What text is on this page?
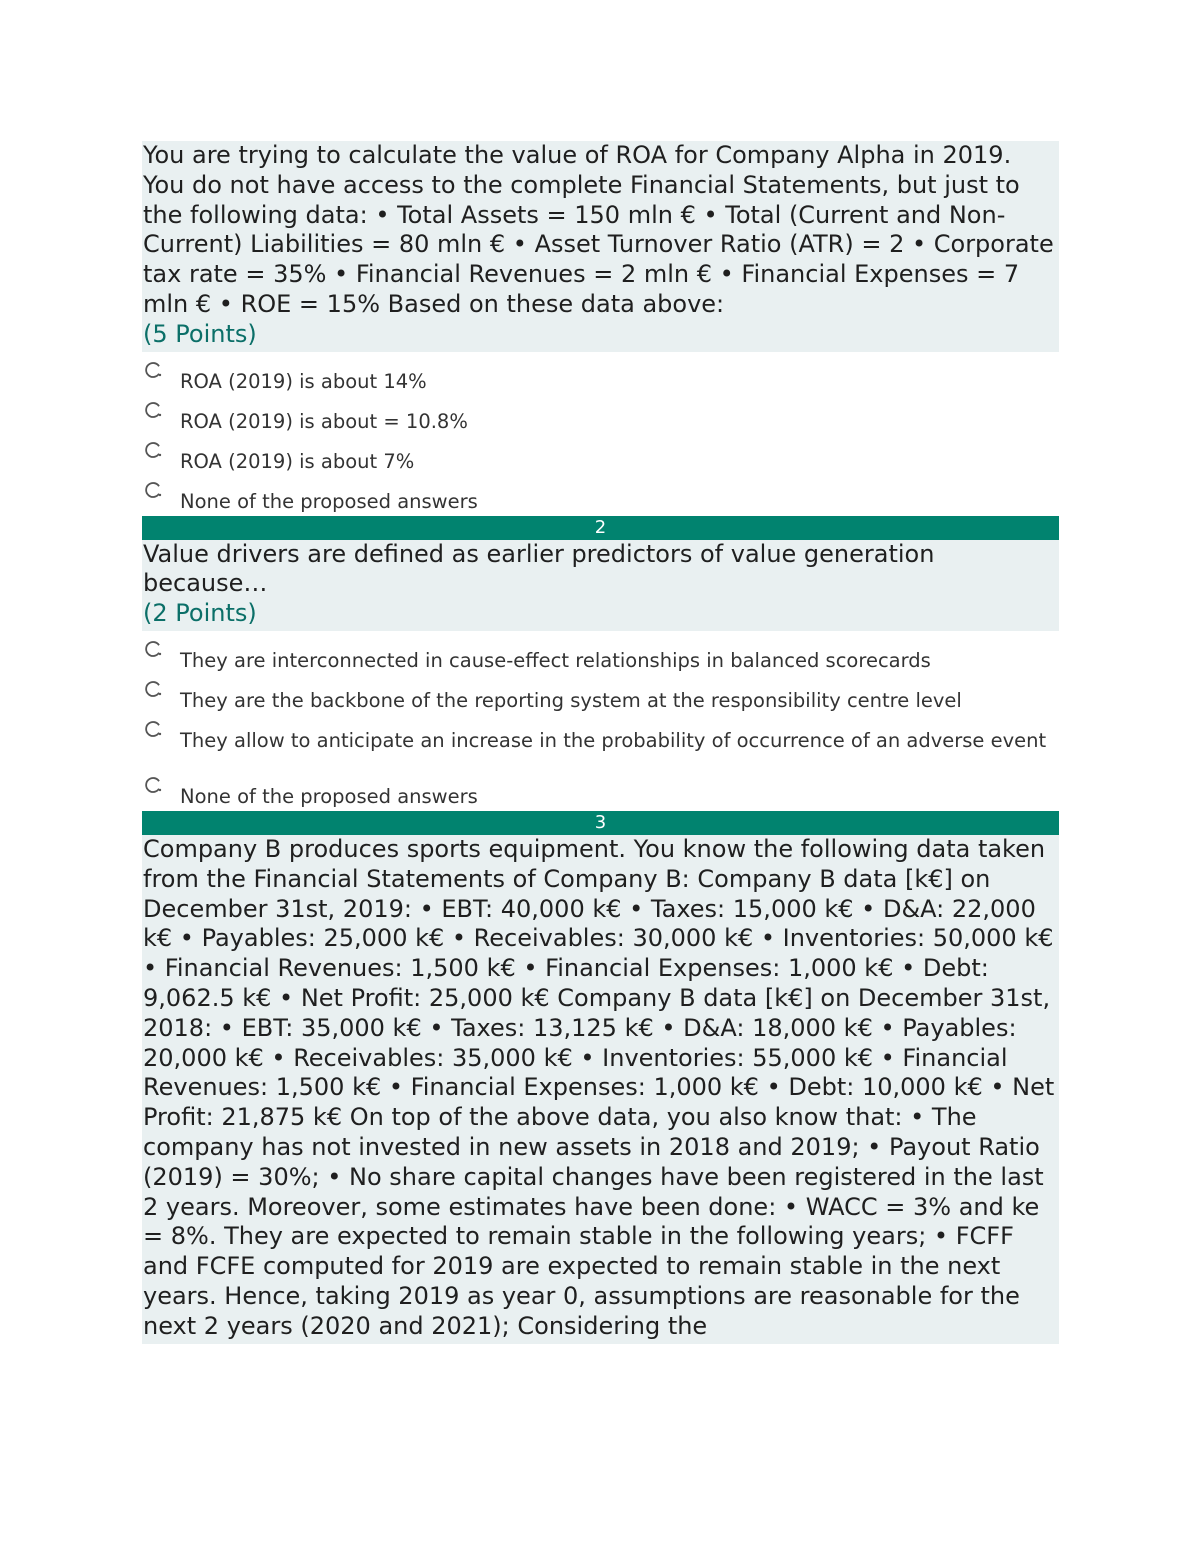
You are trying to calculate the value of ROA for Company Alpha in 2019. You do not have access to the complete Financial Statements, but just to the following data: • Total Assets = 150 mln € • Total (Current and Non-Current) Liabilities = 80 mln € • Asset Turnover Ratio (ATR) = 2 • Corporate tax rate = 35% • Financial Revenues = 2 mln € • Financial Expenses = 7 mln € • ROE = 15% Based on these data above:

(5 Points)

ROA (2019) is about 14%
ROA (2019) is about = 10.8%
ROA (2019) is about 7%
None of the proposed answers
2

Value drivers are defined as earlier predictors of value generation because…

(2 Points)

They are interconnected in cause-effect relationships in balanced scorecards
They are the backbone of the reporting system at the responsibility centre level
They allow to anticipate an increase in the probability of occurrence of an adverse event
None of the proposed answers
3

Company B produces sports equipment. You know the following data taken from the Financial Statements of Company B: Company B data [k€] on December 31st, 2019: • EBT: 40,000 k€ • Taxes: 15,000 k€ • D&A: 22,000 k€ • Payables: 25,000 k€ • Receivables: 30,000 k€ • Inventories: 50,000 k€ • Financial Revenues: 1,500 k€ • Financial Expenses: 1,000 k€ • Debt: 9,062.5 k€ • Net Profit: 25,000 k€ Company B data [k€] on December 31st, 2018: • EBT: 35,000 k€ • Taxes: 13,125 k€ • D&A: 18,000 k€ • Payables: 20,000 k€ • Receivables: 35,000 k€ • Inventories: 55,000 k€ • Financial Revenues: 1,500 k€ • Financial Expenses: 1,000 k€ • Debt: 10,000 k€ • Net Profit: 21,875 k€ On top of the above data, you also know that: • The company has not invested in new assets in 2018 and 2019; • Payout Ratio (2019) = 30%; • No share capital changes have been registered in the last 2 years. Moreover, some estimates have been done: • WACC = 3% and ke = 8%. They are expected to remain stable in the following years; • FCFF and FCFE computed for 2019 are expected to remain stable in the next years. Hence, taking 2019 as year 0, assumptions are reasonable for the next 2 years (2020 and 2021); Considering the
